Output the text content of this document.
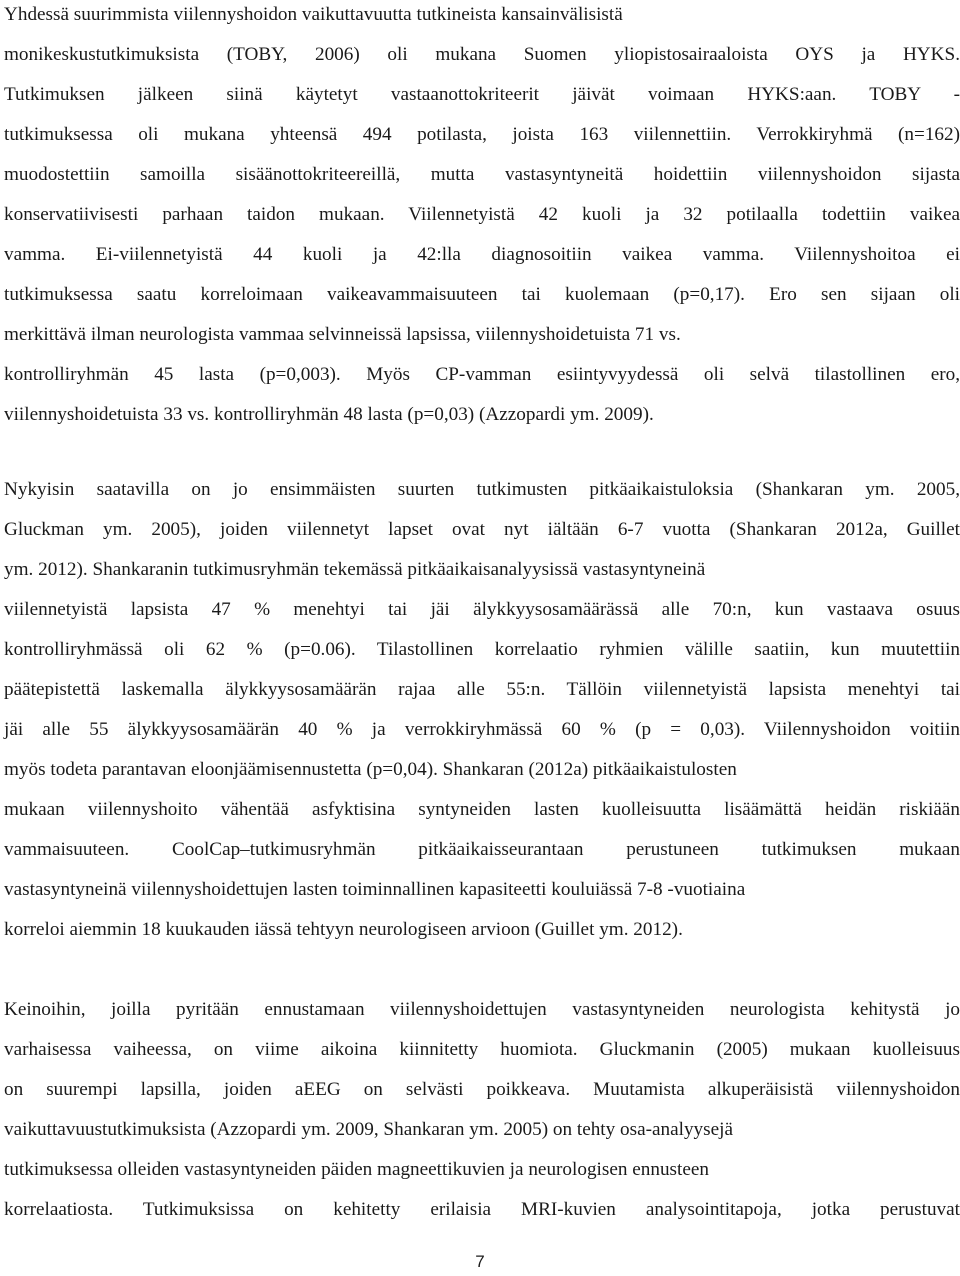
Yhdessä suurimmista viilennyshoidon vaikuttavuutta tutkineista kansainvälisistä
monikeskustutkimuksista (TOBY, 2006) oli mukana Suomen yliopistosairaaloista OYS ja HYKS.
Tutkimuksen jälkeen siinä käytetyt vastaanottokriteerit jäivät voimaan HYKS:aan. TOBY -
tutkimuksessa oli mukana yhteensä 494 potilasta, joista 163 viilennettiin. Verrokkiryhmä (n=162)
muodostettiin samoilla sisäänottokriteereillä, mutta vastasyntyneitä hoidettiin viilennyshoidon sijasta
konservatiivisesti parhaan taidon mukaan. Viilennetyistä 42 kuoli ja 32 potilaalla todettiin vaikea
vamma. Ei-viilennetyistä 44 kuoli ja 42:lla diagnosoitiin vaikea vamma. Viilennyshoitoa ei
tutkimuksessa saatu korreloimaan vaikeavammaisuuteen tai kuolemaan (p=0,17). Ero sen sijaan oli
merkittävä ilman neurologista vammaa selvinneissä lapsissa, viilennyshoidetuista 71 vs.
kontrolliryhmän 45 lasta (p=0,003). Myös CP-vamman esiintyvyydessä oli selvä tilastollinen ero,
viilennyshoidetuista 33 vs. kontrolliryhmän 48 lasta (p=0,03) (Azzopardi ym. 2009).
Nykyisin saatavilla on jo ensimmäisten suurten tutkimusten pitkäaikaistuloksia (Shankaran ym. 2005,
Gluckman ym. 2005), joiden viilennetyt lapset ovat nyt iältään 6-7 vuotta (Shankaran 2012a, Guillet
ym. 2012). Shankaranin tutkimusryhmän tekemässä pitkäaikaisanalyysissä vastasyntyneinä
viilennetyistä lapsista 47 % menehtyi tai jäi älykkyysosamäärässä alle 70:n, kun vastaava osuus
kontrolliryhmässä oli 62 % (p=0.06). Tilastollinen korrelaatio ryhmien välille saatiin, kun muutettiin
päätepistettä laskemalla älykkyysosamäärän rajaa alle 55:n. Tällöin viilennetyistä lapsista menehtyi tai
jäi alle 55 älykkyysosamäärän 40 % ja verrokkiryhmässä 60 % (p = 0,03). Viilennyshoidon voitiin
myös todeta parantavan eloonjäämisennustetta (p=0,04). Shankaran (2012a) pitkäaikaistulosten
mukaan viilennyshoito vähentää asfyktisina syntyneiden lasten kuolleisuutta lisäämättä heidän riskiään
vammaisuuteen. CoolCap–tutkimusryhmän pitkäaikaisseurantaan perustuneen tutkimuksen mukaan
vastasyntyneinä viilennyshoidettujen lasten toiminnallinen kapasiteetti kouluiässä 7-8 -vuotiaina
korreloi aiemmin 18 kuukauden iässä tehtyyn neurologiseen arvioon (Guillet ym. 2012).
Keinoihin, joilla pyritään ennustamaan viilennyshoidettujen vastasyntyneiden neurologista kehitystä jo
varhaisessa vaiheessa, on viime aikoina kiinnitetty huomiota. Gluckmanin (2005) mukaan kuolleisuus
on suurempi lapsilla, joiden aEEG on selvästi poikkeava. Muutamista alkuperäisistä viilennyshoidon
vaikuttavuustutkimuksista (Azzopardi ym. 2009, Shankaran ym. 2005) on tehty osa-analyysejä
tutkimuksessa olleiden vastasyntyneiden päiden magneettikuvien ja neurologisen ennusteen
korrelaatiosta. Tutkimuksissa on kehitetty erilaisia MRI-kuvien analysointitapoja, jotka perustuvat
7
